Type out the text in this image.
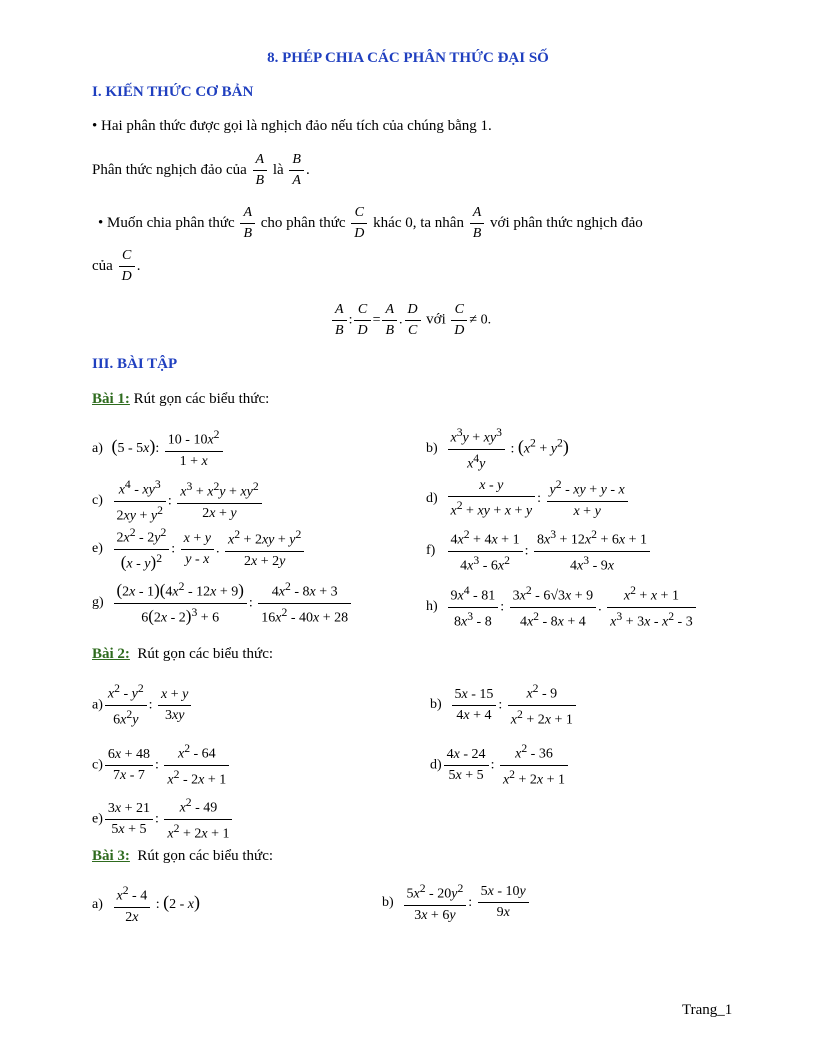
8. PHÉP CHIA CÁC PHÂN THỨC ĐẠI SỐ
I. KIẾN THỨC CƠ BẢN
• Hai phân thức được gọi là nghịch đảo nếu tích của chúng bằng 1.
Phân thức nghịch đảo của $\frac{A}{B}$ là $\frac{B}{A}$ .
• Muốn chia phân thức $\frac{A}{B}$ cho phân thức $\frac{C}{D}$ khác 0, ta nhân $\frac{A}{B}$ với phân thức nghịch đảo
của $\frac{C}{D}$ .
$\frac{A}{B}$ : $\frac{C}{D} = \frac{A}{B}$ . $\frac{D}{C}$ với $\frac{C}{D} \ne 0$.
III. BÀI TẬP
Bài 1: Rút gọn các biểu thức:
a) (5 - 5x): $\frac{10 - 10x^2}{1 + x}$	$b) \frac{x^3y + xy^3}{x^4y}$ : $(x^2 + y^2)$
$c) \frac{x^4 - xy^3}{2xy + y^2}$ : $\frac{x^3 + x^2y + xy^2}{2x + y}$	$d) \frac{x - y}{x^2 + xy + x + y}$ : $\frac{y^2 - xy + y - x}{x + y}$
$e) \frac{2x^2 - 2y^2}{(x - y)^2}$ : $\frac{x + y}{y - x}$ . $\frac{x^2 + 2xy + y^2}{2x + 2y}$	$f) \frac{4x^2 + 4x + 1}{4x^3 - 6x^2}$ : $\frac{8x^3 + 12x^2 + 6x + 1}{4x^3 - 9x}$
$g) \frac{(2x - 1)(4x^2 - 12x + 9)}{6(2x - 2)^3 + 6}$ : $\frac{4x^2 - 8x + 3}{16x^2 - 40x + 28}$	$h) \frac{9x^4 - 81}{8x^3 - 8}$ : $\frac{3x^2 - 6√3x + 9}{4x^2 - 8x + 4}$ . $\frac{x^2 + x + 1}{x^3 + 3x - x^2 - 3}$
Bài 2: Rút gọn các biểu thức:
$a) \frac{x^2 - y^2}{6x^2y}$ : $\frac{x + y}{3xy}$	$b) \frac{5x - 15}{4x + 4}$ : $\frac{x^2 - 9}{x^2 + 2x + 1}$
$c) \frac{6x + 48}{7x - 7}$ : $\frac{x^2 - 64}{x^2 - 2x + 1}$	$d) \frac{4x - 24}{5x + 5}$ : $\frac{x^2 - 36}{x^2 + 2x + 1}$
$e) \frac{3x + 21}{5x + 5}$ : $\frac{x^2 - 49}{x^2 + 2x + 1}$
Bài 3: Rút gọn các biểu thức:
$a) \frac{x^2 - 4}{2x}$ : (2 - x)	$b) \frac{5x^2 - 20y^2}{3x + 6y}$ : $\frac{5x - 10y}{9x}$
Trang_1
